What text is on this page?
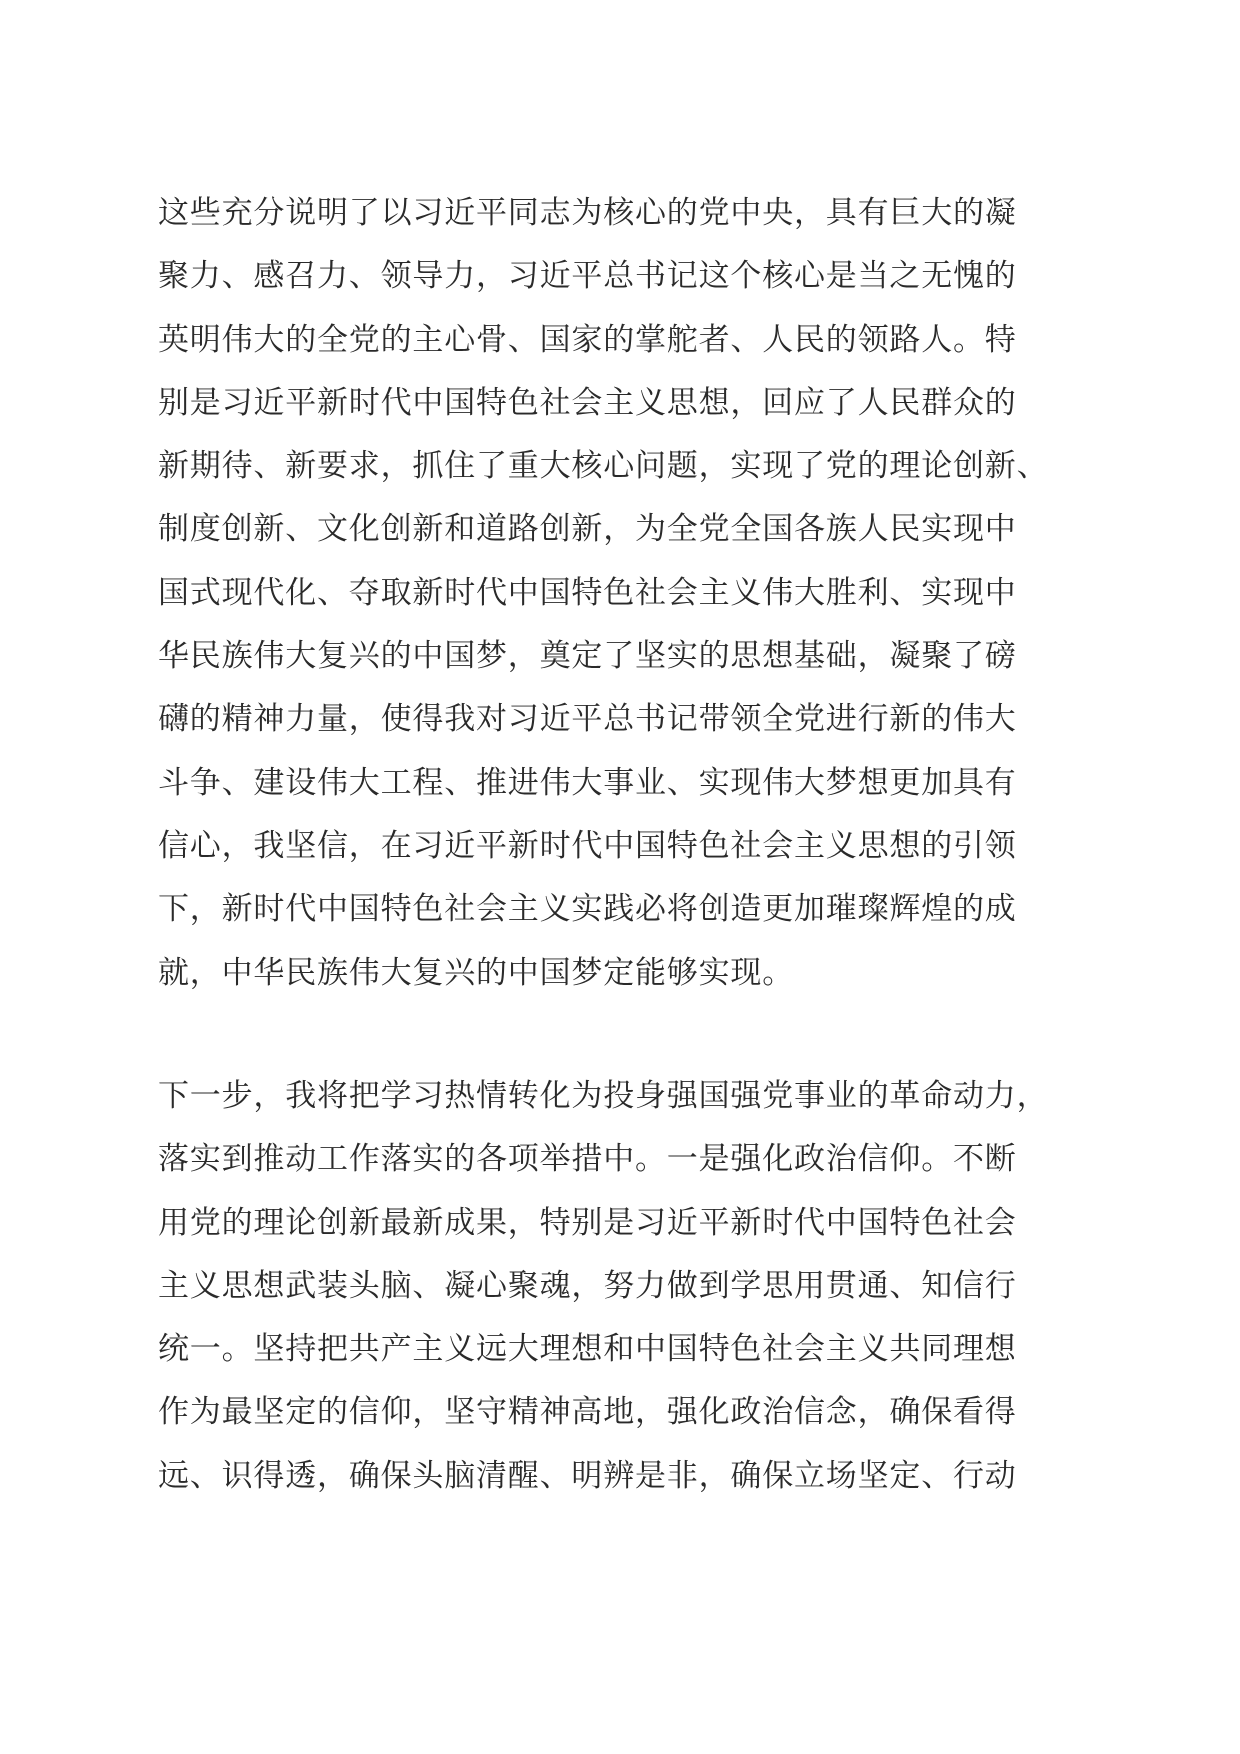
这些充分说明了以习近平同志为核心的党中央，具有巨大的凝
聚力、感召力、领导力，习近平总书记这个核心是当之无愧的
英明伟大的全党的主心骨、国家的掌舵者、人民的领路人。特
别是习近平新时代中国特色社会主义思想，回应了人民群众的
新期待、新要求，抓住了重大核心问题，实现了党的理论创新、
制度创新、文化创新和道路创新，为全党全国各族人民实现中
国式现代化、夺取新时代中国特色社会主义伟大胜利、实现中
华民族伟大复兴的中国梦，奠定了坚实的思想基础，凝聚了磅
礴的精神力量，使得我对习近平总书记带领全党进行新的伟大
斗争、建设伟大工程、推进伟大事业、实现伟大梦想更加具有
信心，我坚信，在习近平新时代中国特色社会主义思想的引领
下，新时代中国特色社会主义实践必将创造更加璀璨辉煌的成
就，中华民族伟大复兴的中国梦定能够实现。
下一步，我将把学习热情转化为投身强国强党事业的革命动力，
落实到推动工作落实的各项举措中。一是强化政治信仰。不断
用党的理论创新最新成果，特别是习近平新时代中国特色社会
主义思想武装头脑、凝心聚魂，努力做到学思用贯通、知信行
统一。坚持把共产主义远大理想和中国特色社会主义共同理想
作为最坚定的信仰，坚守精神高地，强化政治信念，确保看得
远、识得透，确保头脑清醒、明辨是非，确保立场坚定、行动
